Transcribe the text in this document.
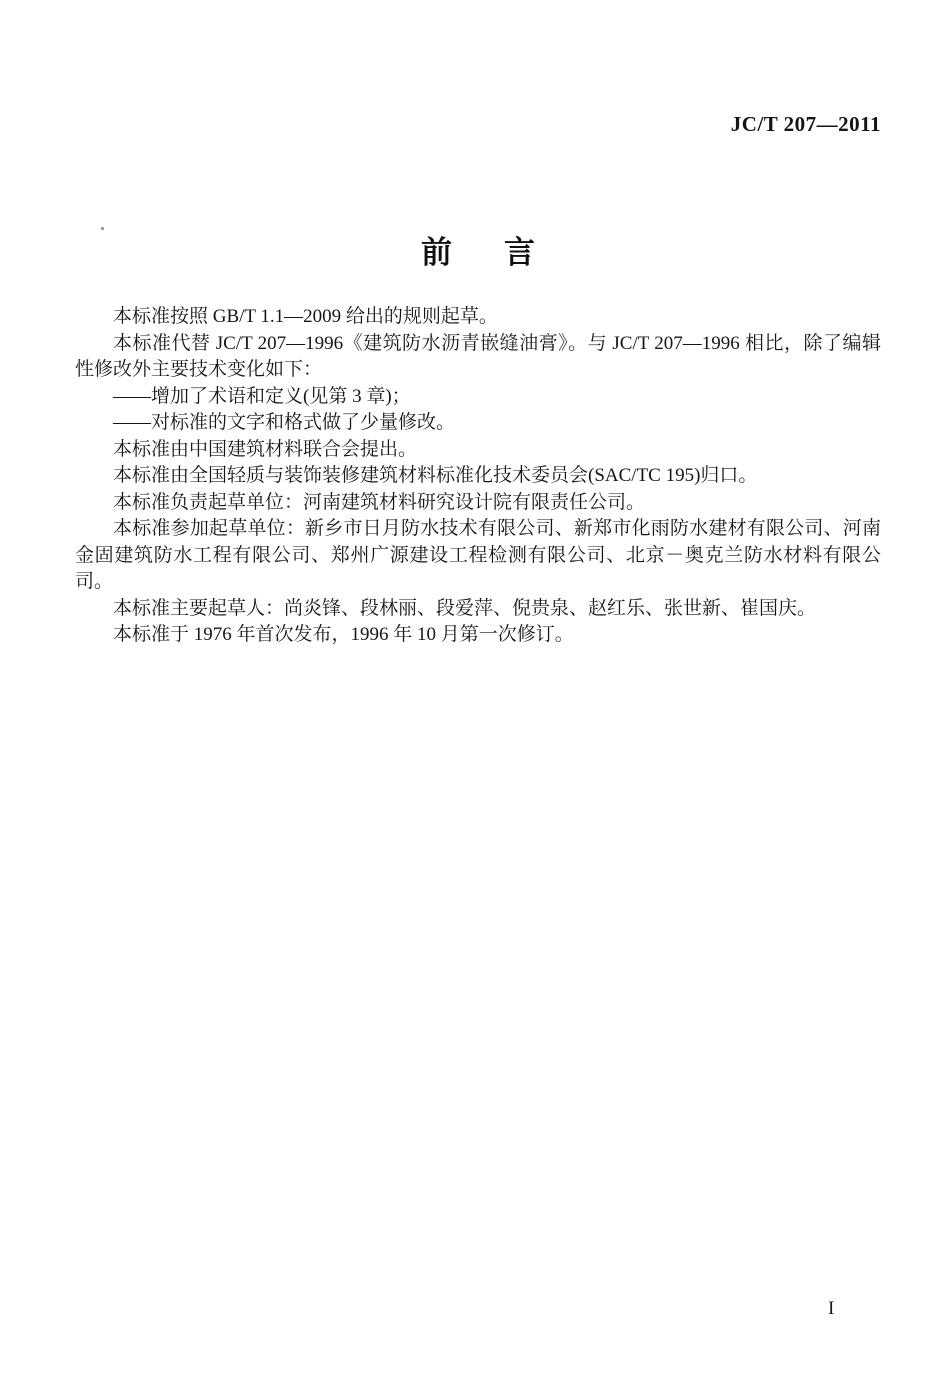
JC/T 207—2011
前 言

本标准按照 GB/T 1.1—2009 给出的规则起草。

本标准代替 JC/T 207—1996《建筑防水沥青嵌缝油膏》。与 JC/T 207—1996 相比，除了编辑性修改外主要技术变化如下：

——增加了术语和定义(见第 3 章)；

——对标准的文字和格式做了少量修改。

本标准由中国建筑材料联合会提出。

本标准由全国轻质与装饰装修建筑材料标准化技术委员会(SAC/TC 195)归口。

本标准负责起草单位：河南建筑材料研究设计院有限责任公司。

本标准参加起草单位：新乡市日月防水技术有限公司、新郑市化雨防水建材有限公司、河南金固建筑防水工程有限公司、郑州广源建设工程检测有限公司、北京－奥克兰防水材料有限公司。

本标准主要起草人：尚炎锋、段林丽、段爱萍、倪贵泉、赵红乐、张世新、崔国庆。

本标准于 1976 年首次发布，1996 年 10 月第一次修订。

I
